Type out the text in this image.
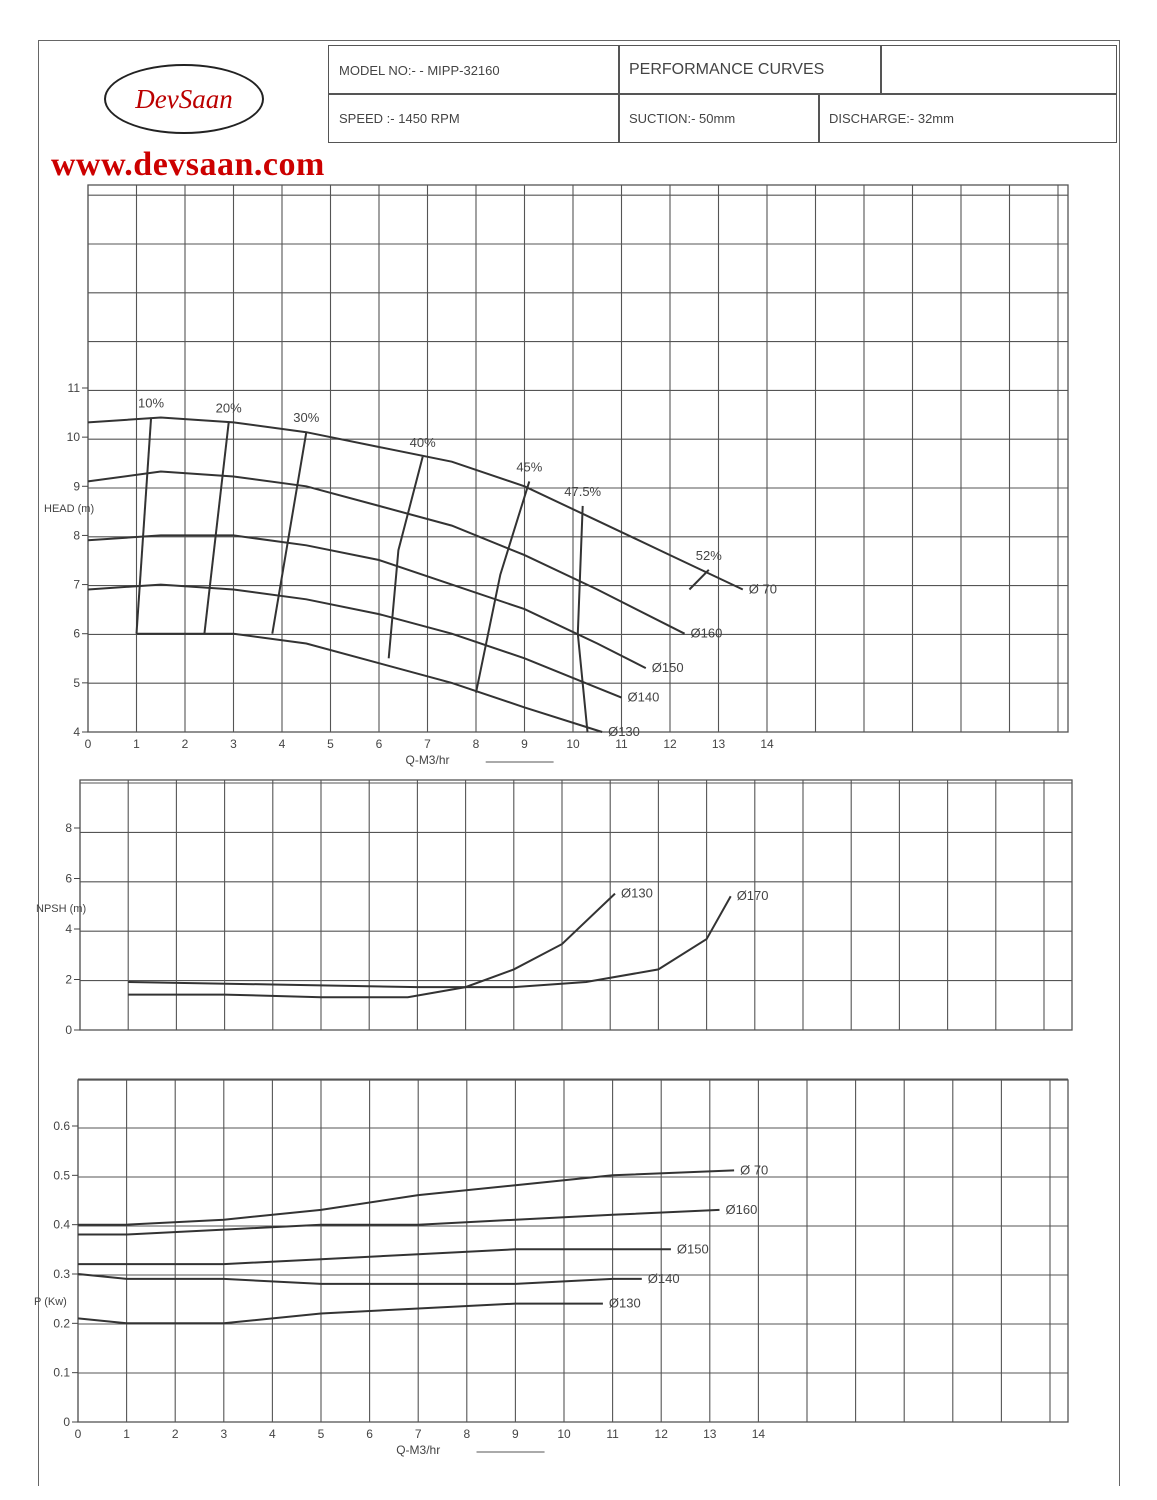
DevSaan
www.devsaan.com
MODEL NO:- - MIPP-32160
SPEED :- 1450 RPM
PERFORMANCE CURVES
SUCTION:- 50mm	DISCHARGE:- 32mm
4
5
6
7
8
9
10
11
0	1	2	3	4	5	6	7	8	9	10	11	12	13	14
HEAD (m)
Q-M3/hr
Ø 70
Ø160
Ø150
Ø140
Ø130
10%	20%
30%
40%
45%
47.5%
52%
0
2
4
6
8
NPSH (m)
Ø130	Ø170
0
0.1
0.2
0.3
0.4
0.5
0.6
0	1	2	3	4	5	6	7	8	9	10	11	12	13	14
P (Kw)
Q-M3/hr
Ø 70
Ø160
Ø150
Ø140
Ø130
